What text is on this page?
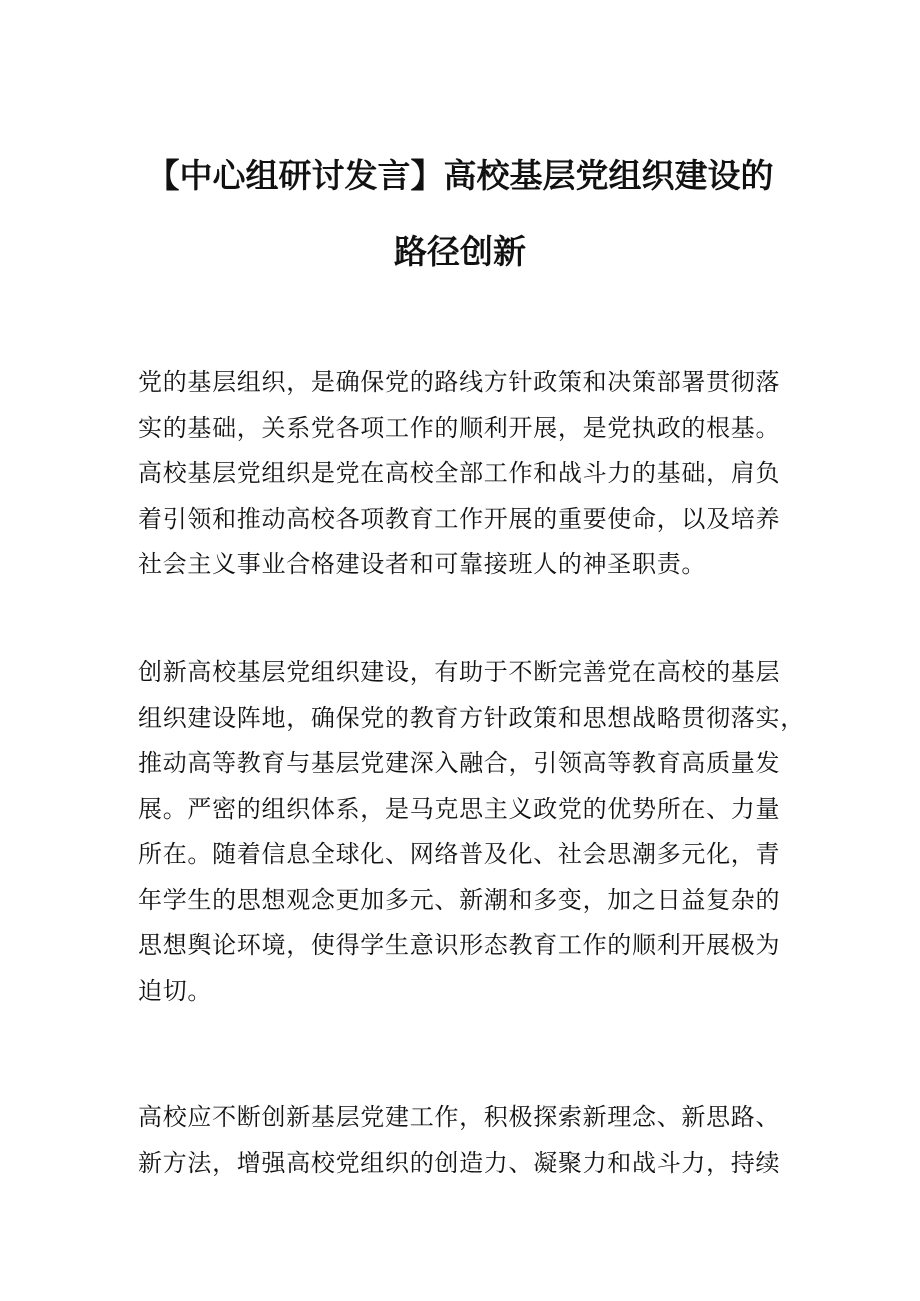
【中心组研讨发言】高校基层党组织建设的
路径创新
党的基层组织，是确保党的路线方针政策和决策部署贯彻落
实的基础，关系党各项工作的顺利开展，是党执政的根基。
高校基层党组织是党在高校全部工作和战斗力的基础，肩负
着引领和推动高校各项教育工作开展的重要使命，以及培养
社会主义事业合格建设者和可靠接班人的神圣职责。
创新高校基层党组织建设，有助于不断完善党在高校的基层
组织建设阵地，确保党的教育方针政策和思想战略贯彻落实，
推动高等教育与基层党建深入融合，引领高等教育高质量发
展。严密的组织体系，是马克思主义政党的优势所在、力量
所在。随着信息全球化、网络普及化、社会思潮多元化，青
年学生的思想观念更加多元、新潮和多变，加之日益复杂的
思想舆论环境，使得学生意识形态教育工作的顺利开展极为
迫切。
高校应不断创新基层党建工作，积极探索新理念、新思路、
新方法，增强高校党组织的创造力、凝聚力和战斗力，持续
